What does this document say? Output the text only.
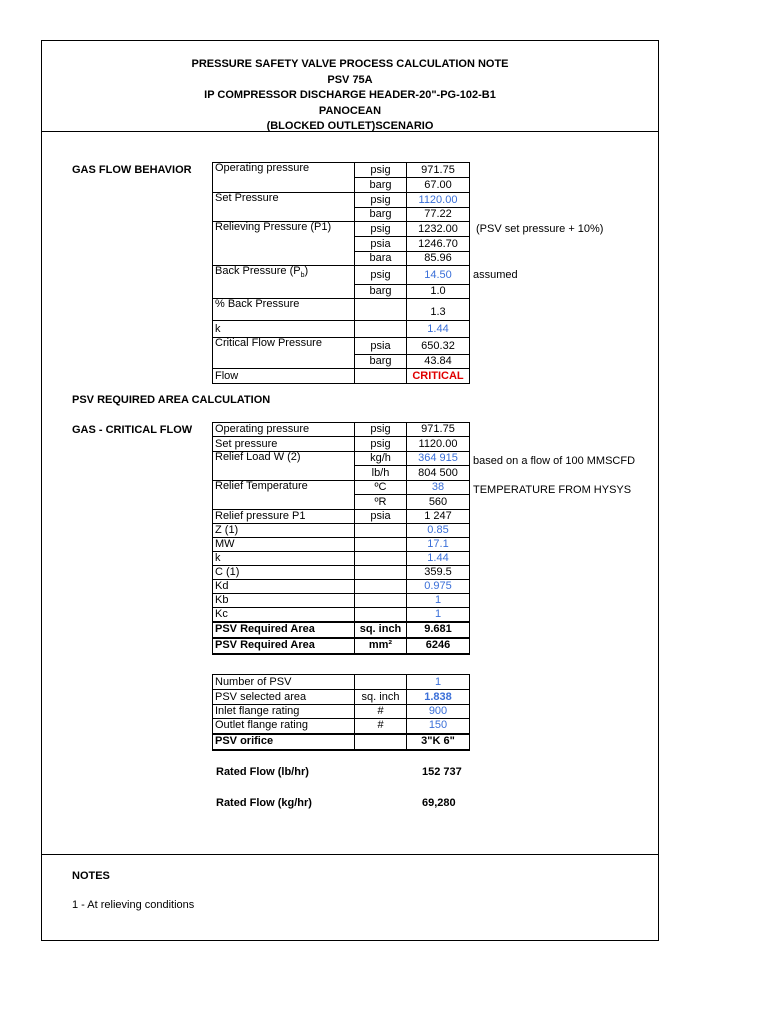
PRESSURE SAFETY VALVE PROCESS CALCULATION NOTE
PSV 75A
IP COMPRESSOR DISCHARGE HEADER-20"-PG-102-B1
PANOCEAN
(BLOCKED OUTLET)SCENARIO
GAS FLOW BEHAVIOR Operating pressure	psig	971.75
	barg	67.00
Set Pressure	psig	1120.00
	barg	77.22
Relieving Pressure (P1)	psig	1232.00
	psia	1246.70
	bara	85.96
Back Pressure $(P_b)$	psig	14.50
	barg	1.0
% Back Pressure		1.3
k		1.44
Critical Flow Pressure	psia	650.32
	barg	43.84
Flow		CRITICAL
(PSV set pressure + 10%)
assumed
PSV REQUIRED AREA CALCULATION
GAS - CRITICAL FLOW Operating pressure	psig	971.75
Set pressure	psig	1120.00
Relief Load W (2)	kg/h	364 915
	lb/h	804 500
Relief Temperature	ºC	38
	ºR	560
Relief pressure P1	psia	1 247
Z (1)		0.85
MW		17.1
k		1.44
C (1)		359.5
Kd		0.975
Kb		1
Kc		1
PSV Required Area	sq. inch	9.681
PSV Required Area	mm²	6246
based on a flow of 100 MMSCFD
TEMPERATURE FROM HYSYS
Number of PSV		1
PSV selected area	sq. inch	1.838
Inlet flange rating	#	900
Outlet flange rating	#	150
PSV orifice		3"K 6"
Rated Flow (lb/hr)	152 737
Rated Flow (kg/hr)	69,280
NOTES
1 - At relieving conditions
